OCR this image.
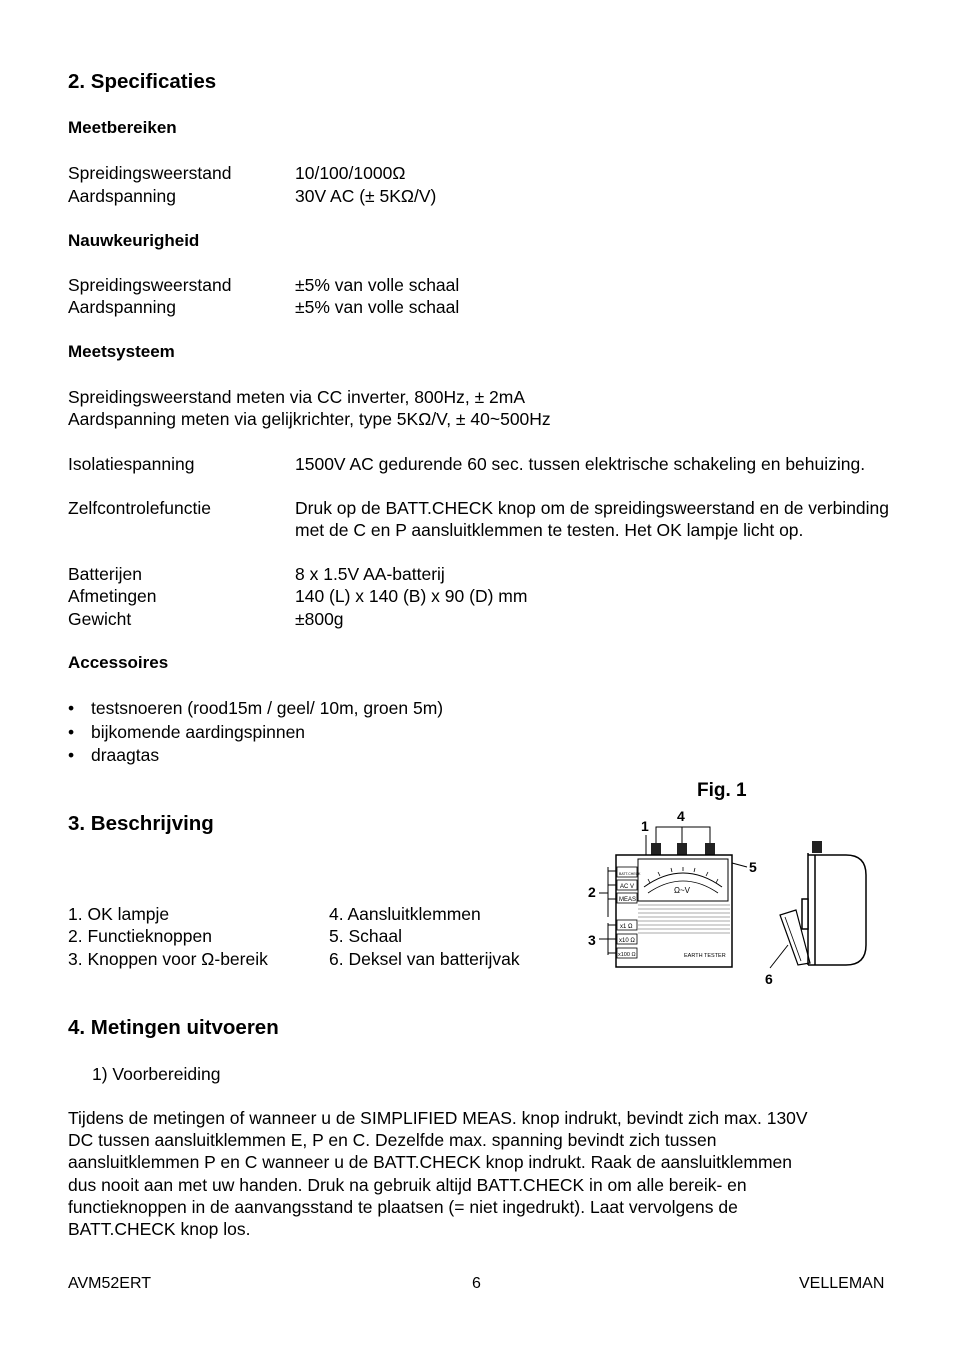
2. Specificaties
Meetbereiken
Spreidingsweerstand	10/100/1000Ω
Aardspanning	30V AC (± 5KΩ/V)
Nauwkeurigheid
Spreidingsweerstand	±5% van volle schaal
Aardspanning	±5% van volle schaal
Meetsysteem
Spreidingsweerstand meten via CC inverter, 800Hz, ± 2mA
Aardspanning meten via gelijkrichter, type 5KΩ/V, ± 40~500Hz
Isolatiespanning	1500V AC gedurende 60 sec. tussen elektrische schakeling en behuizing.
Zelfcontrolefunctie	Druk op de BATT.CHECK knop om de spreidingsweerstand en de verbinding met de C en P aansluitklemmen te testen. Het OK lampje licht op.
Batterijen	8 x 1.5V AA-batterij
Afmetingen	140 (L) x 140 (B) x 90 (D) mm
Gewicht	±800g
Accessoires
• testsnoeren (rood15m / geel/ 10m, groen 5m)
• bijkomende aardingspinnen
• draagtas
3. Beschrijving
Fig. 1
1
4
2
3
5
6
Ω~V
EARTH TESTER
BATT.CHECK
AC V
MEAS
x1 Ω
x10 Ω
x100 Ω
1. OK lampje
2. Functieknoppen
3. Knoppen voor Ω-bereik
4. Aansluitklemmen
5. Schaal
6. Deksel van batterijvak
4. Metingen uitvoeren
1) Voorbereiding
Tijdens de metingen of wanneer u de SIMPLIFIED MEAS. knop indrukt, bevindt zich max. 130V
DC tussen aansluitklemmen E, P en C. Dezelfde max. spanning bevindt zich tussen
aansluitklemmen P en C wanneer u de BATT.CHECK knop indrukt. Raak de aansluitklemmen
dus nooit aan met uw handen. Druk na gebruik altijd BATT.CHECK in om alle bereik- en
functieknoppen in de aanvangsstand te plaatsen (= niet ingedrukt). Laat vervolgens de
BATT.CHECK knop los.
AVM52ERT	6	VELLEMAN
